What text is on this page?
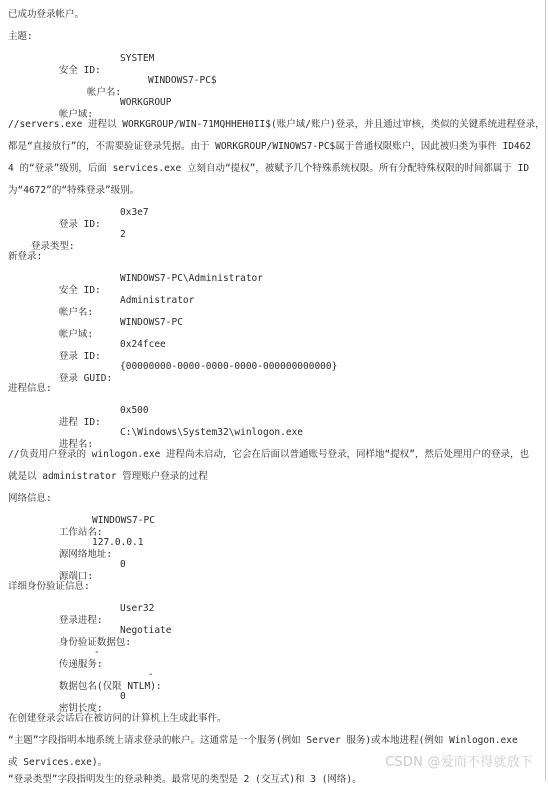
已成功登录帐户。
主题:

安全 ID:
SYSTEM

帐户名:
WINDOWS7-PC$

帐户域:
WORKGROUP

//servers.exe 进程以 WORKGROUP/WIN-71MQHHEH0II$(账户域/账户)登录，并且通过审核，类似的关键系统进程登录，
都是“直接放行”的，不需要验证登录凭据。由于 WORKGROUP/WINOWS7-PC$属于普通权限账户，因此被归类为事件 ID462
4 的“登录”级别，后面 services.exe 立刻自动“提权”，被赋予几个特殊系统权限。所有分配特殊权限的时间都属于 ID
为“4672”的“特殊登录”级别。

登录 ID:
0x3e7

登录类型:
2

新登录:

安全 ID:
WINDOWS7-PC\Administrator

帐户名:
Administrator

帐户域:
WINDOWS7-PC

登录 ID:
0x24fcee

登录 GUID:
{00000000-0000-0000-0000-000000000000}

进程信息:

进程 ID:
0x500

进程名:
C:\Windows\System32\winlogon.exe

//负责用户登录的 winlogon.exe 进程尚未启动，它会在后面以普通账号登录，同样地“提权”，然后处理用户的登录，也
就是以 administrator 管理账户登录的过程
网络信息:

工作站名:
WINDOWS7-PC

源网络地址:
127.0.0.1

源端口:
0

详细身份验证信息:

登录进程:
User32

身份验证数据包:
Negotiate

传递服务:
-

数据包名(仅限 NTLM):
-

密钥长度:
0

在创建登录会话后在被访问的计算机上生成此事件。
“主题”字段指明本地系统上请求登录的帐户。这通常是一个服务(例如 Server 服务)或本地进程(例如 Winlogon.exe
或 Services.exe)。
“登录类型”字段指明发生的登录种类。最常见的类型是 2 (交互式)和 3 (网络)。
CSDN @爱而不得就放下
